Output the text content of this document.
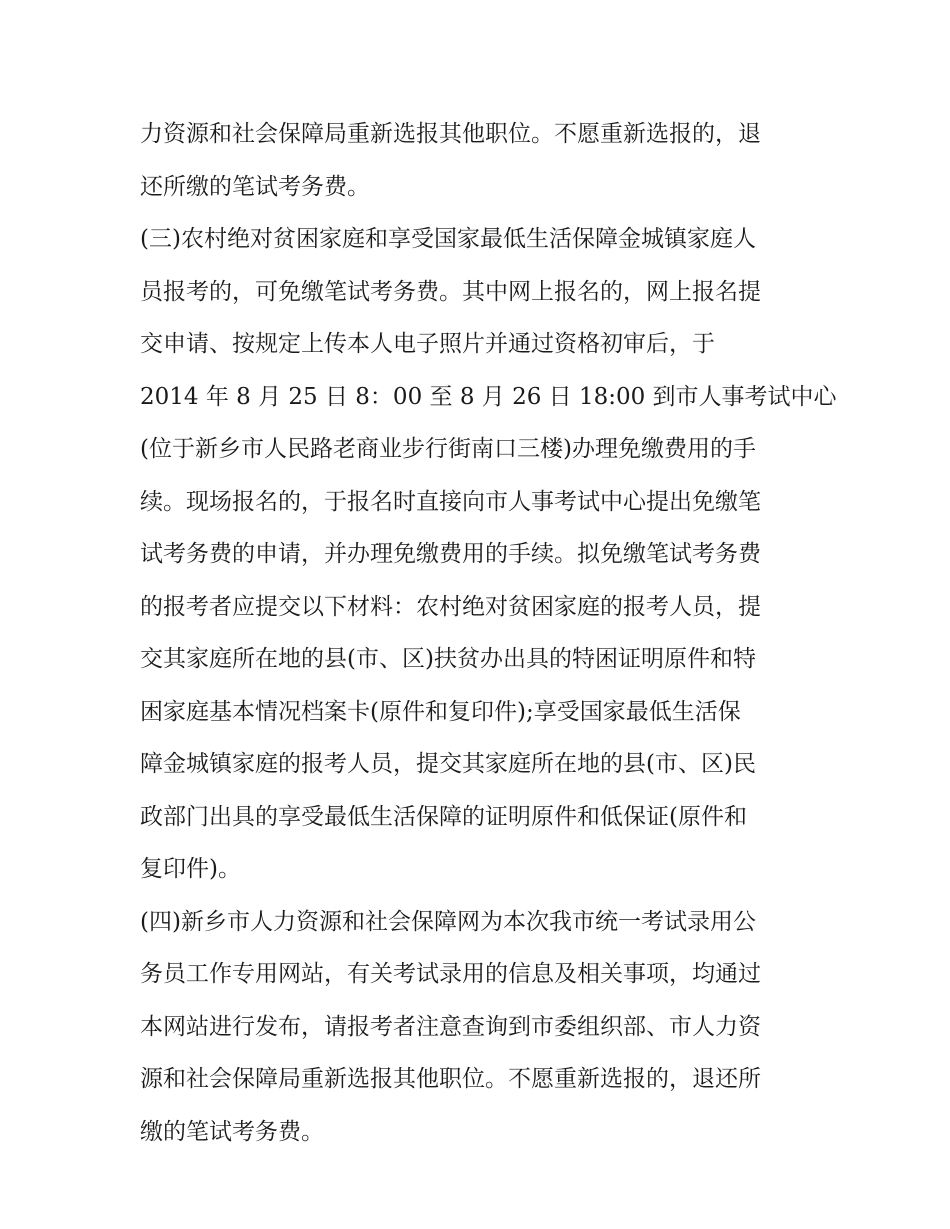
力资源和社会保障局重新选报其他职位。不愿重新选报的，退
还所缴的笔试考务费。
(三)农村绝对贫困家庭和享受国家最低生活保障金城镇家庭人
员报考的，可免缴笔试考务费。其中网上报名的，网上报名提
交申请、按规定上传本人电子照片并通过资格初审后，于
2014 年 8 月 25 日 8：00 至 8 月 26 日 18:00 到市人事考试中心
(位于新乡市人民路老商业步行街南口三楼)办理免缴费用的手
续。现场报名的，于报名时直接向市人事考试中心提出免缴笔
试考务费的申请，并办理免缴费用的手续。拟免缴笔试考务费
的报考者应提交以下材料：农村绝对贫困家庭的报考人员，提
交其家庭所在地的县(市、区)扶贫办出具的特困证明原件和特
困家庭基本情况档案卡(原件和复印件);享受国家最低生活保
障金城镇家庭的报考人员，提交其家庭所在地的县(市、区)民
政部门出具的享受最低生活保障的证明原件和低保证(原件和
复印件)。
(四)新乡市人力资源和社会保障网为本次我市统一考试录用公
务员工作专用网站，有关考试录用的信息及相关事项，均通过
本网站进行发布，请报考者注意查询到市委组织部、市人力资
源和社会保障局重新选报其他职位。不愿重新选报的，退还所
缴的笔试考务费。
